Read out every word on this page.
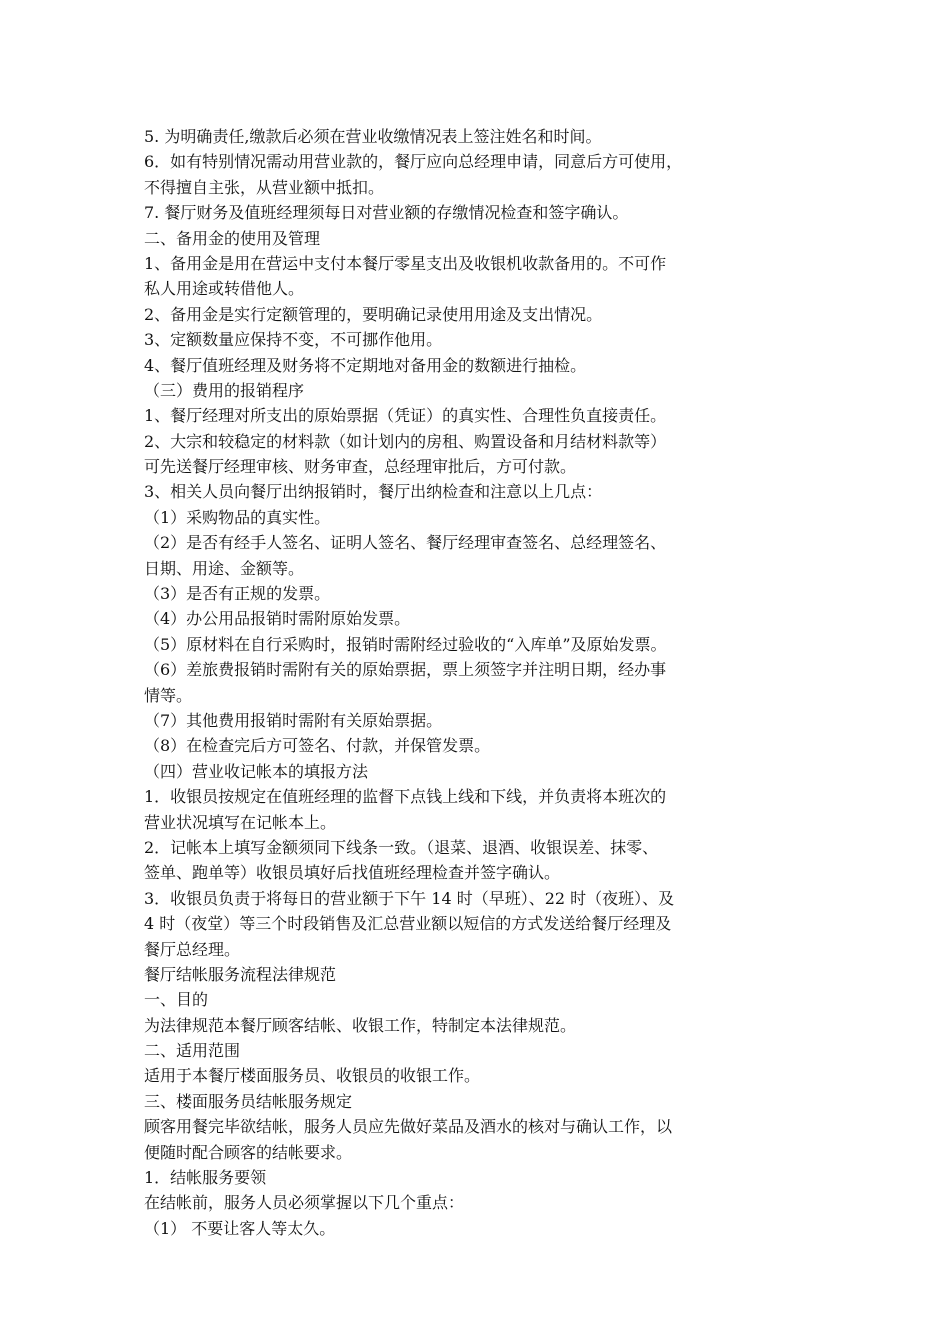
5. 为明确责任,缴款后必须在营业收缴情况表上签注姓名和时间。
6．如有特别情况需动用营业款的，餐厅应向总经理申请，同意后方可使用，
不得擅自主张，从营业额中抵扣。
7. 餐厅财务及值班经理须每日对营业额的存缴情况检查和签字确认。
二、备用金的使用及管理
1、备用金是用在营运中支付本餐厅零星支出及收银机收款备用的。不可作
私人用途或转借他人。
2、备用金是实行定额管理的，要明确记录使用用途及支出情况。
3、定额数量应保持不变，不可挪作他用。
4、餐厅值班经理及财务将不定期地对备用金的数额进行抽检。
（三）费用的报销程序
1、餐厅经理对所支出的原始票据（凭证）的真实性、合理性负直接责任。
2、大宗和较稳定的材料款（如计划内的房租、购置设备和月结材料款等）
可先送餐厅经理审核、财务审查，总经理审批后，方可付款。
3、相关人员向餐厅出纳报销时，餐厅出纳检查和注意以上几点：
（1）采购物品的真实性。
（2）是否有经手人签名、证明人签名、餐厅经理审查签名、总经理签名、
日期、用途、金额等。
（3）是否有正规的发票。
（4）办公用品报销时需附原始发票。
（5）原材料在自行采购时，报销时需附经过验收的“入库单”及原始发票。
（6）差旅费报销时需附有关的原始票据，票上须签字并注明日期，经办事
情等。
（7）其他费用报销时需附有关原始票据。
（8）在检查完后方可签名、付款，并保管发票。
（四）营业收记帐本的填报方法
1．收银员按规定在值班经理的监督下点钱上线和下线，并负责将本班次的
营业状况填写在记帐本上。
2．记帐本上填写金额须同下线条一致。（退菜、退酒、收银误差、抹零、
签单、跑单等）收银员填好后找值班经理检查并签字确认。
3．收银员负责于将每日的营业额于下午 14 时（早班）、22 时（夜班）、及
4 时（夜堂）等三个时段销售及汇总营业额以短信的方式发送给餐厅经理及
餐厅总经理。
餐厅结帐服务流程法律规范
一、目的
为法律规范本餐厅顾客结帐、收银工作，特制定本法律规范。
二、适用范围
适用于本餐厅楼面服务员、收银员的收银工作。
三、楼面服务员结帐服务规定
顾客用餐完毕欲结帐，服务人员应先做好菜品及酒水的核对与确认工作，以
便随时配合顾客的结帐要求。
1．结帐服务要领
在结帐前，服务人员必须掌握以下几个重点：
（1） 不要让客人等太久。
